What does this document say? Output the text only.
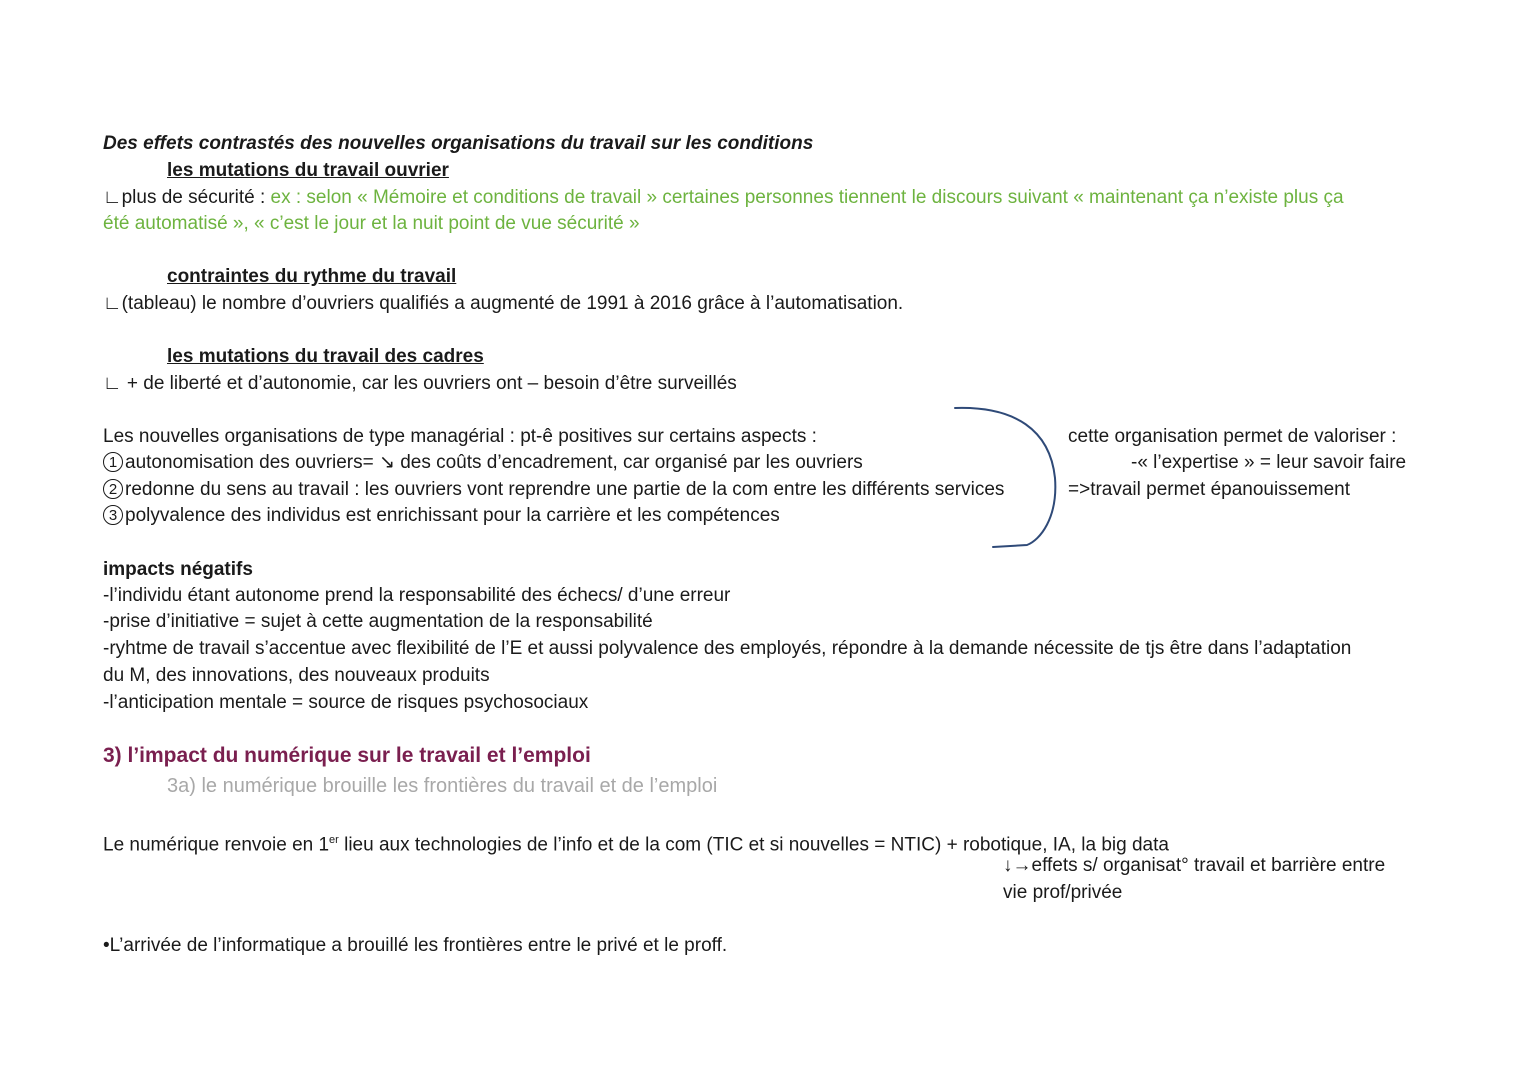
Des effets contrastés des nouvelles organisations du travail sur les conditions
les mutations du travail ouvrier
∟plus de sécurité : ex : selon « Mémoire et conditions de travail » certaines personnes tiennent le discours suivant « maintenant ça n’existe plus ça
été automatisé », « c’est le jour et la nuit point de vue sécurité »
contraintes du rythme du travail
∟(tableau) le nombre d’ouvriers qualifiés a augmenté de 1991 à 2016 grâce à l’automatisation.
les mutations du travail des cadres
∟ + de liberté et d’autonomie, car les ouvriers ont – besoin d’être surveillés
Les nouvelles organisations de type managérial : pt-ê positives sur certains aspects :
1 autonomisation des ouvriers= ↘ des coûts d’encadrement, car organisé par les ouvriers
2 redonne du sens au travail : les ouvriers vont reprendre une partie de la com entre les différents services
3 polyvalence des individus est enrichissant pour la carrière et les compétences
cette organisation permet de valoriser :
-« l’expertise » = leur savoir faire
=>travail permet épanouissement
impacts négatifs
-l’individu étant autonome prend la responsabilité des échecs/ d’une erreur
-prise d’initiative = sujet à cette augmentation de la responsabilité
-ryhtme de travail s’accentue avec flexibilité de l’E et aussi polyvalence des employés, répondre à la demande nécessite de tjs être dans l’adaptation
du M, des innovations, des nouveaux produits
-l’anticipation mentale = source de risques psychosociaux
3) l’impact du numérique sur le travail et l’emploi
3a) le numérique brouille les frontières du travail et de l’emploi
Le numérique renvoie en 1er lieu aux technologies de l’info et de la com (TIC et si nouvelles = NTIC) + robotique, IA, la big data
↓→effets s/ organisat° travail et barrière entre
vie prof/privée
•L’arrivée de l’informatique a brouillé les frontières entre le privé et le proff.
